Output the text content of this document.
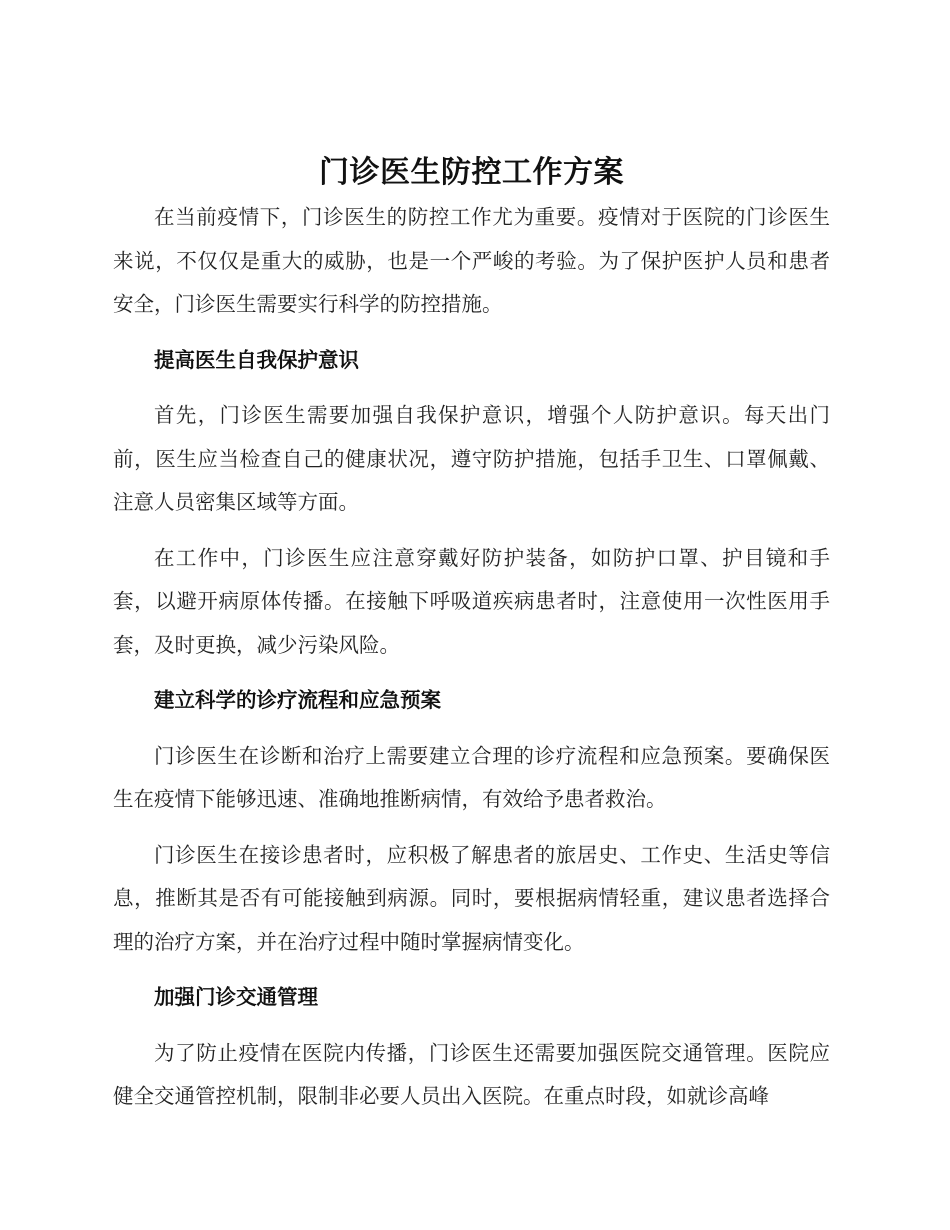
门诊医生防控工作方案

在当前疫情下，门诊医生的防控工作尤为重要。疫情对于医院的门诊医生来说，不仅仅是重大的威胁，也是一个严峻的考验。为了保护医护人员和患者安全，门诊医生需要实行科学的防控措施。

提高医生自我保护意识

首先，门诊医生需要加强自我保护意识，增强个人防护意识。每天出门前，医生应当检查自己的健康状况，遵守防护措施，包括手卫生、口罩佩戴、注意人员密集区域等方面。

在工作中，门诊医生应注意穿戴好防护装备，如防护口罩、护目镜和手套，以避开病原体传播。在接触下呼吸道疾病患者时，注意使用一次性医用手套，及时更换，减少污染风险。

建立科学的诊疗流程和应急预案

门诊医生在诊断和治疗上需要建立合理的诊疗流程和应急预案。要确保医生在疫情下能够迅速、准确地推断病情，有效给予患者救治。

门诊医生在接诊患者时，应积极了解患者的旅居史、工作史、生活史等信息，推断其是否有可能接触到病源。同时，要根据病情轻重，建议患者选择合理的治疗方案，并在治疗过程中随时掌握病情变化。

加强门诊交通管理

为了防止疫情在医院内传播，门诊医生还需要加强医院交通管理。医院应健全交通管控机制，限制非必要人员出入医院。在重点时段，如就诊高峰
